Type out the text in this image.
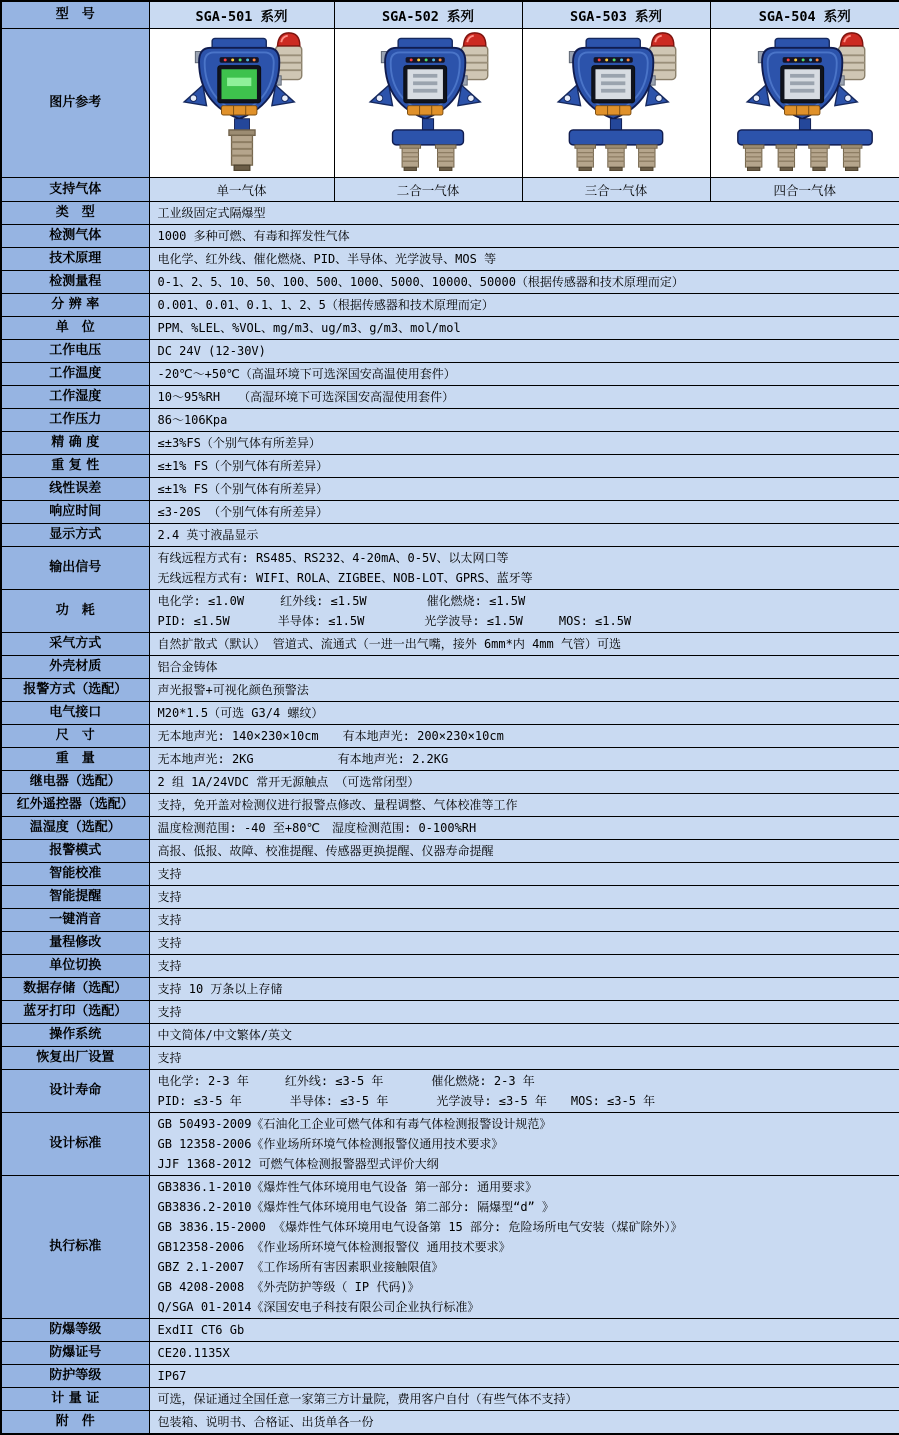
型　号	SGA-501 系列	SGA-502 系列	SGA-503 系列	SGA-504 系列
图片参考				
支持气体	单一气体	二合一气体	三合一气体	四合一气体
类　型	工业级固定式隔爆型			

检测气体	1000 多种可燃、有毒和挥发性气体			

技术原理	电化学、红外线、催化燃烧、PID、半导体、光学波导、MOS 等			

检测量程	0-1、2、5、10、50、100、500、1000、5000、10000、50000（根据传感器和技术原理而定）			

分 辨 率	0.001、0.01、0.1、1、2、5（根据传感器和技术原理而定）			

单　位	PPM、%LEL、%VOL、mg/m3、ug/m3、g/m3、mol/mol			

工作电压	DC 24V (12-30V)			

工作温度	-20℃～+50℃（高温环境下可选深国安高温使用套件）			

工作湿度	10～95%RH　　（高湿环境下可选深国安高湿使用套件）			

工作压力	86～106Kpa			

精 确 度	≤±3%FS（个别气体有所差异）			

重 复 性	≤±1% FS（个别气体有所差异）			

线性误差	≤±1% FS（个别气体有所差异）			

响应时间	≤3-20S （个别气体有所差异）			

显示方式	2.4 英寸液晶显示			

输出信号	有线远程方式有: RS485、RS232、4-20mA、0-5V、以太网口等
无线远程方式有: WIFI、ROLA、ZIGBEE、NOB-LOT、GPRS、蓝牙等			

功　耗	电化学: ≤1.0W　　　红外线: ≤1.5W　　　　　催化燃烧: ≤1.5W
PID: ≤1.5W　　　　半导体: ≤1.5W　　　　　光学波导: ≤1.5W　　　MOS: ≤1.5W			

采气方式	自然扩散式（默认） 管道式、流通式（一进一出气嘴，接外 6mm*内 4mm 气管）可选			

外壳材质	铝合金铸体			

报警方式（选配）	声光报警+可视化颜色预警法			

电气接口	M20*1.5（可选 G3/4 螺纹）			

尺　寸	无本地声光: 140×230×10cm　　有本地声光: 200×230×10cm			

重　量	无本地声光: 2KG　　　　　　　有本地声光: 2.2KG			

继电器（选配）	2 组 1A/24VDC 常开无源触点 （可选常闭型）			

红外遥控器（选配）	支持，免开盖对检测仪进行报警点修改、量程调整、气体校准等工作			

温湿度（选配）	温度检测范围: -40 至+80℃　湿度检测范围: 0-100%RH			

报警模式	高报、低报、故障、校准提醒、传感器更换提醒、仪器寿命提醒			

智能校准	支持			

智能提醒	支持			

一键消音	支持			

量程修改	支持			

单位切换	支持			

数据存储（选配）	支持 10 万条以上存储			

蓝牙打印（选配）	支持			

操作系统	中文简体/中文繁体/英文			

恢复出厂设置	支持			

设计寿命	电化学: 2-3 年　　　红外线: ≤3-5 年　　　　催化燃烧: 2-3 年
PID: ≤3-5 年　　　　半导体: ≤3-5 年　　　　光学波导: ≤3-5 年　　MOS: ≤3-5 年			

设计标准	GB 50493-2009《石油化工企业可燃气体和有毒气体检测报警设计规范》
GB 12358-2006《作业场所环境气体检测报警仪通用技术要求》
JJF 1368-2012 可燃气体检测报警器型式评价大纲			

执行标准	
GB3836.1-2010《爆炸性气体环境用电气设备 第一部分: 通用要求》
GB3836.2-2010《爆炸性气体环境用电气设备 第二部分: 隔爆型“d” 》
GB 3836.15-2000 《爆炸性气体环境用电气设备第 15 部分: 危险场所电气安装（煤矿除外）》
GB12358-2006 《作业场所环境气体检测报警仪 通用技术要求》
GBZ 2.1-2007 《工作场所有害因素职业接触限值》
GB 4208-2008 《外壳防护等级（ IP 代码)》
Q/SGA 01-2014《深国安电子科技有限公司企业执行标准》

防爆等级	ExdII CT6 Gb			

防爆证号	CE20.1135X			

防护等级	IP67			

计 量 证	可选，保证通过全国任意一家第三方计量院，费用客户自付（有些气体不支持）			

附　件	包装箱、说明书、合格证、出货单各一份			
